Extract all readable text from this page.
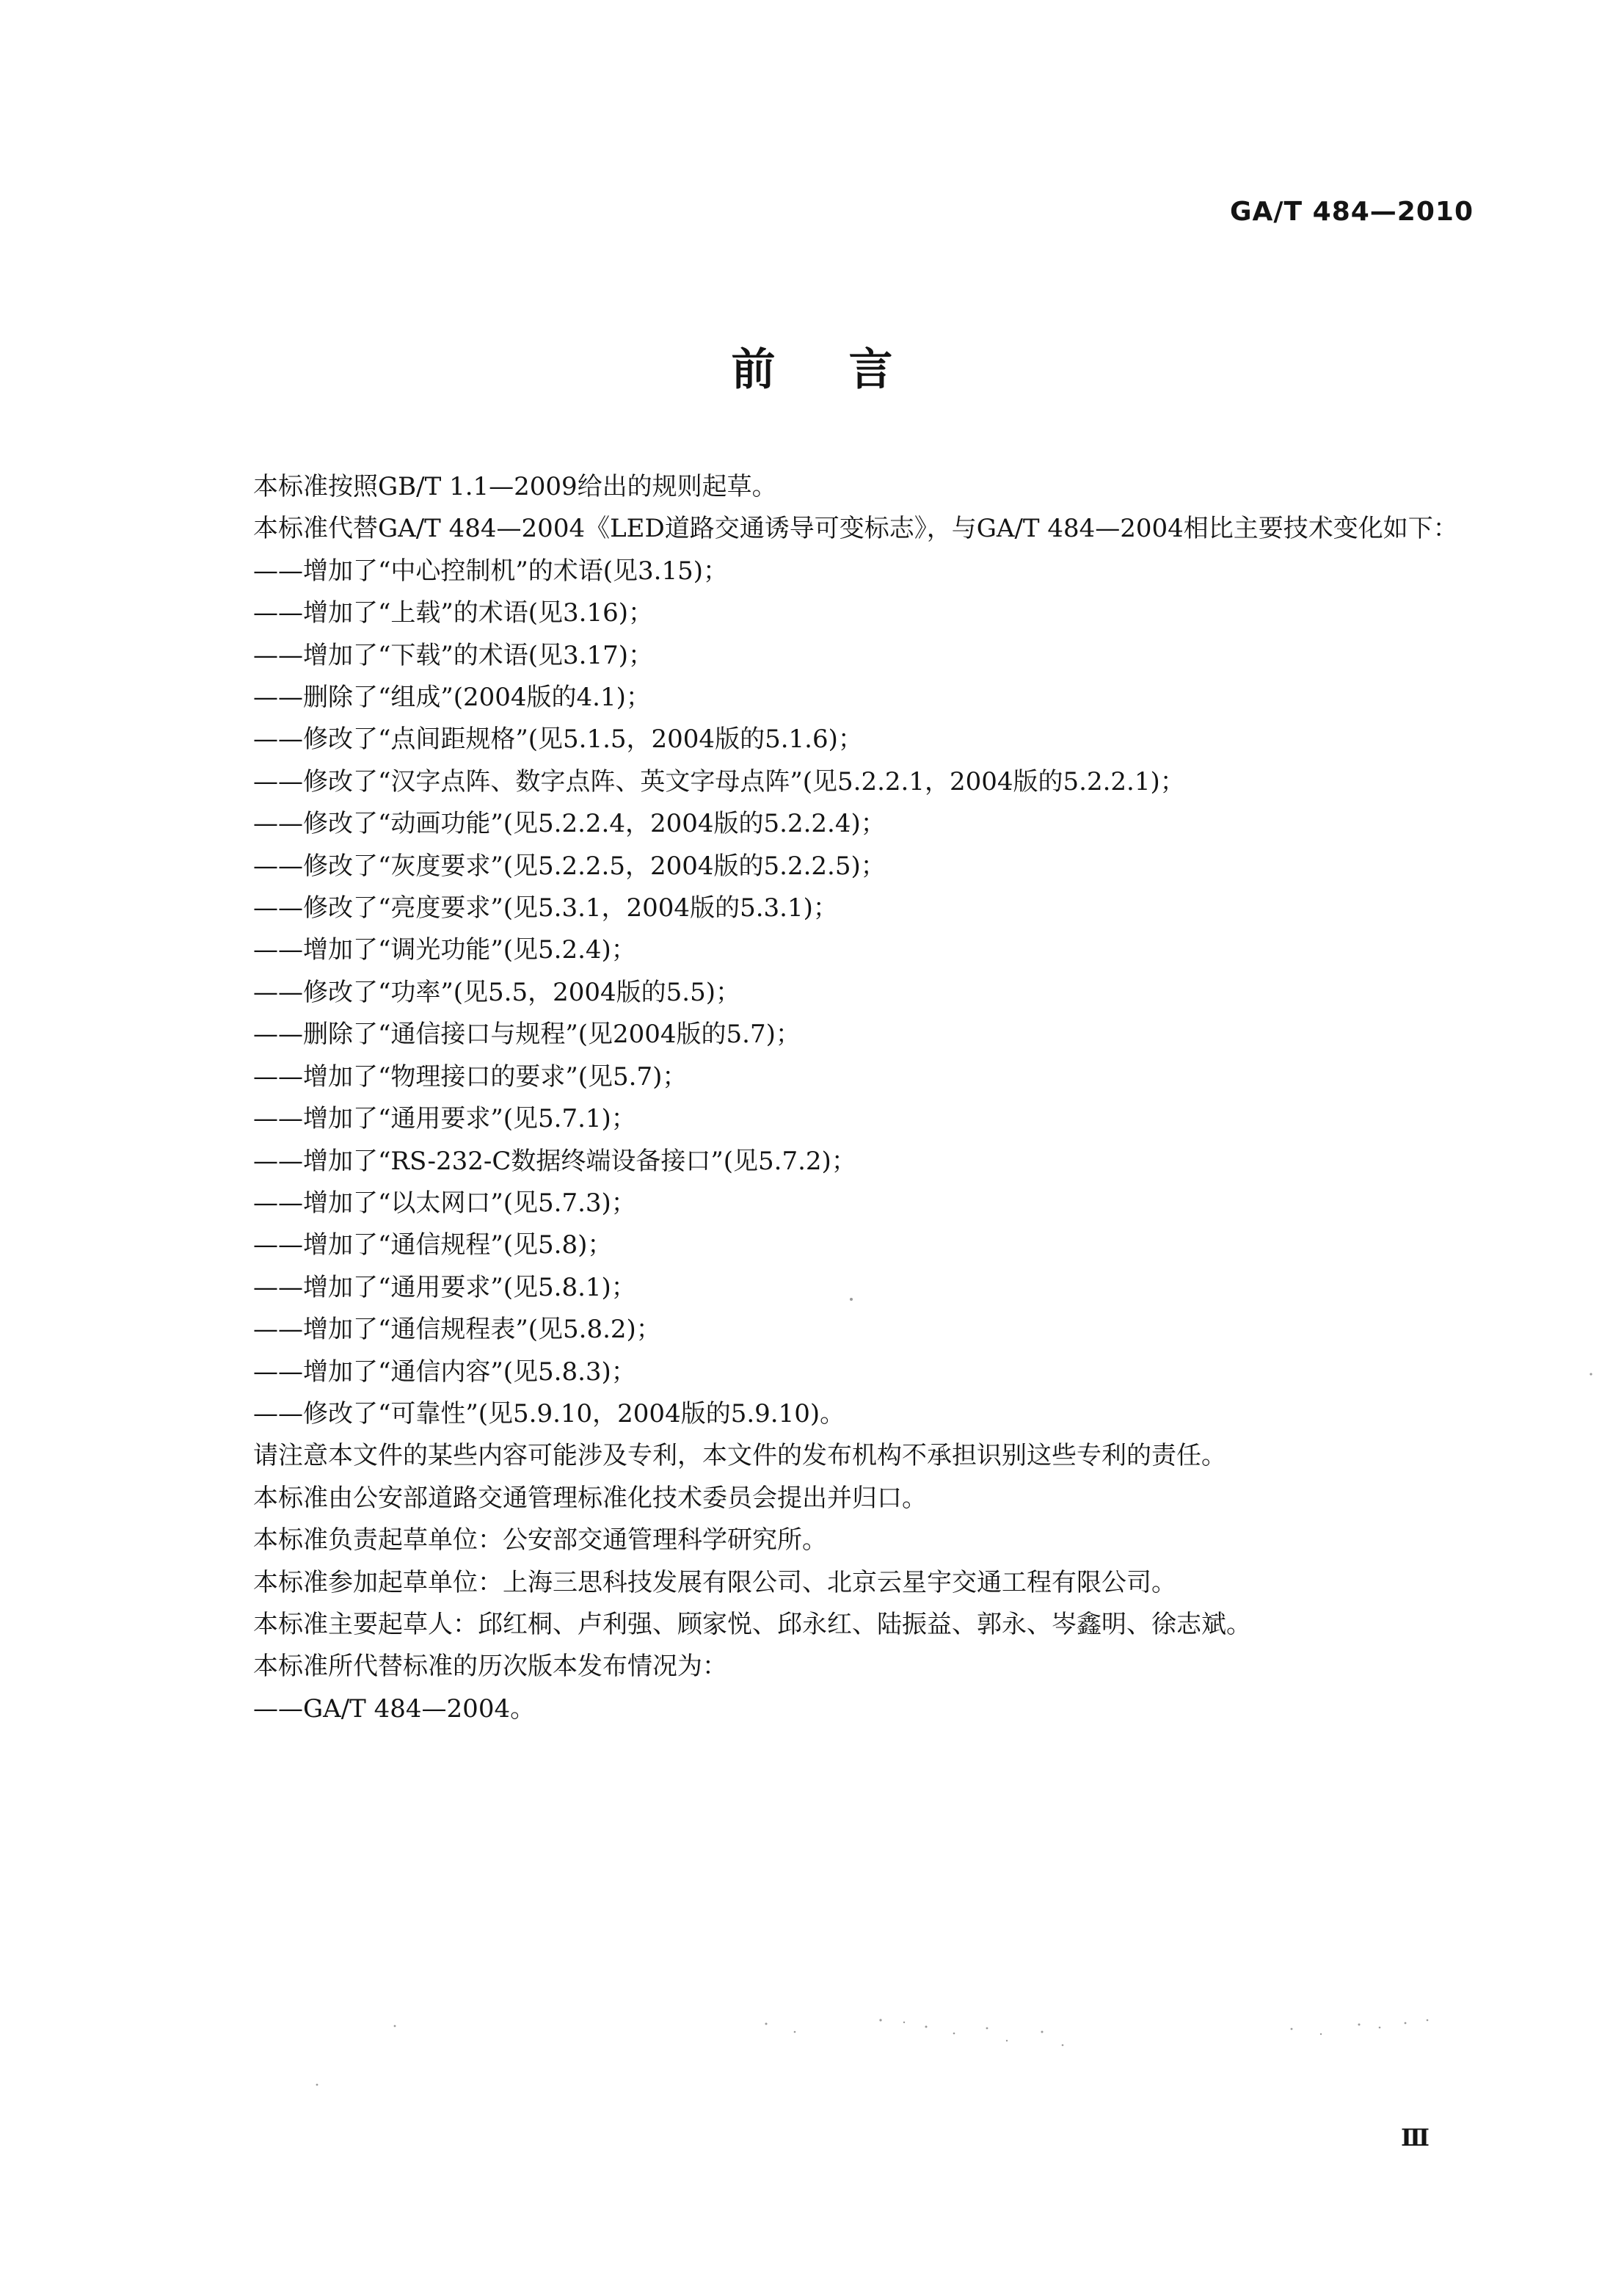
GA/T 484—2010

前言

本标准按照GB/T 1.1—2009给出的规则起草。

本标准代替GA/T 484—2004《LED道路交通诱导可变标志》，与GA/T 484—2004相比主要技术变化如下：

——增加了“中心控制机”的术语(见3.15)；

——增加了“上载”的术语(见3.16)；

——增加了“下载”的术语(见3.17)；

——删除了“组成”(2004版的4.1)；

——修改了“点间距规格”(见5.1.5，2004版的5.1.6)；

——修改了“汉字点阵、数字点阵、英文字母点阵”(见5.2.2.1，2004版的5.2.2.1)；

——修改了“动画功能”(见5.2.2.4，2004版的5.2.2.4)；

——修改了“灰度要求”(见5.2.2.5，2004版的5.2.2.5)；

——修改了“亮度要求”(见5.3.1，2004版的5.3.1)；

——增加了“调光功能”(见5.2.4)；

——修改了“功率”(见5.5，2004版的5.5)；

——删除了“通信接口与规程”(见2004版的5.7)；

——增加了“物理接口的要求”(见5.7)；

——增加了“通用要求”(见5.7.1)；

——增加了“RS-232-C数据终端设备接口”(见5.7.2)；

——增加了“以太网口”(见5.7.3)；

——增加了“通信规程”(见5.8)；

——增加了“通用要求”(见5.8.1)；

——增加了“通信规程表”(见5.8.2)；

——增加了“通信内容”(见5.8.3)；

——修改了“可靠性”(见5.9.10，2004版的5.9.10)。

请注意本文件的某些内容可能涉及专利，本文件的发布机构不承担识别这些专利的责任。

本标准由公安部道路交通管理标准化技术委员会提出并归口。

本标准负责起草单位：公安部交通管理科学研究所。

本标准参加起草单位：上海三思科技发展有限公司、北京云星宇交通工程有限公司。

本标准主要起草人：邱红桐、卢利强、顾家悦、邱永红、陆振益、郭永、岑鑫明、徐志斌。

本标准所代替标准的历次版本发布情况为：

——GA/T 484—2004。

Ⅲ
